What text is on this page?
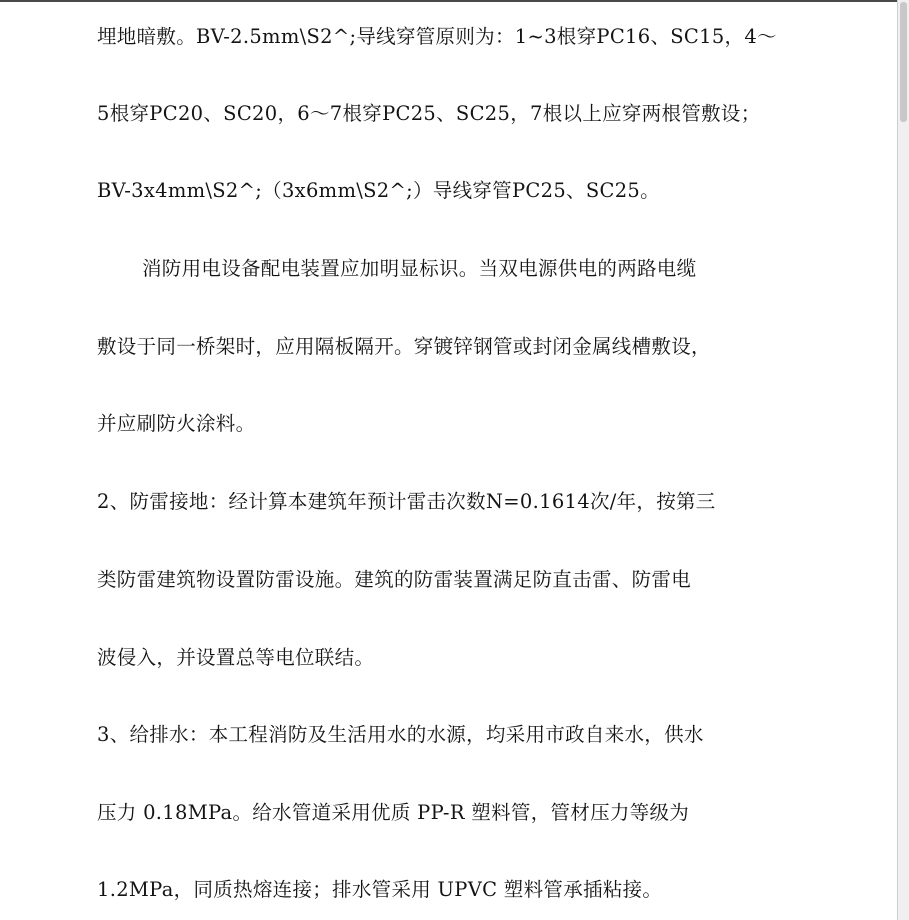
埋地暗敷。BV-2.5mm\S2^;导线穿管原则为：1~3根穿PC16、SC15，4～
5根穿PC20、SC20，6～7根穿PC25、SC25，7根以上应穿两根管敷设；
BV-3x4mm\S2^;（3x6mm\S2^;）导线穿管PC25、SC25。
消防用电设备配电装置应加明显标识。当双电源供电的两路电缆
敷设于同一桥架时，应用隔板隔开。穿镀锌钢管或封闭金属线槽敷设，
并应刷防火涂料。
2、防雷接地：经计算本建筑年预计雷击次数N=0.1614次/年，按第三
类防雷建筑物设置防雷设施。建筑的防雷装置满足防直击雷、防雷电
波侵入，并设置总等电位联结。
3、给排水：本工程消防及生活用水的水源，均采用市政自来水，供水
压力 0.18MPa。给水管道采用优质 PP-R 塑料管，管材压力等级为
1.2MPa，同质热熔连接；排水管采用 UPVC 塑料管承插粘接。
